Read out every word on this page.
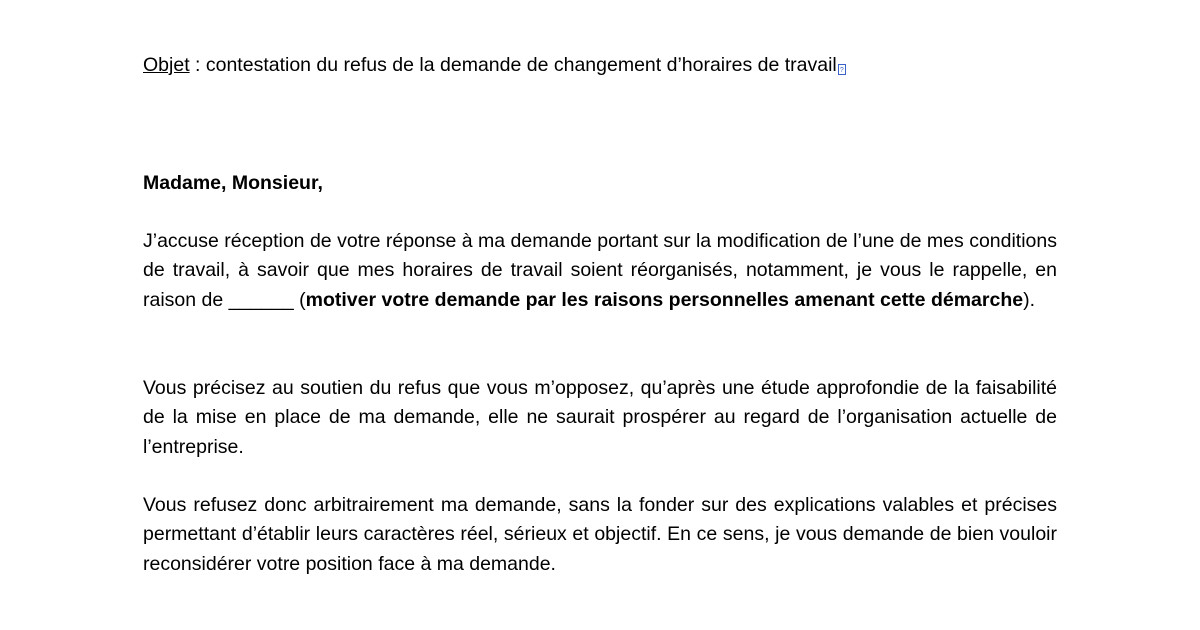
Objet : contestation du refus de la demande de changement d’horaires de travail ?
Madame, Monsieur,

J’accuse réception de votre réponse à ma demande portant sur la modification de l’une de mes conditions de travail, à savoir que mes horaires de travail soient réorganisés, notamment, je vous le rappelle, en raison de ______ (motiver votre demande par les raisons personnelles amenant cette démarche).

Vous précisez au soutien du refus que vous m’opposez, qu’après une étude approfondie de la faisabilité de la mise en place de ma demande, elle ne saurait prospérer au regard de l’organisation actuelle de l’entreprise.

Vous refusez donc arbitrairement ma demande, sans la fonder sur des explications valables et précises permettant d’établir leurs caractères réel, sérieux et objectif. En ce sens, je vous demande de bien vouloir reconsidérer votre position face à ma demande.
